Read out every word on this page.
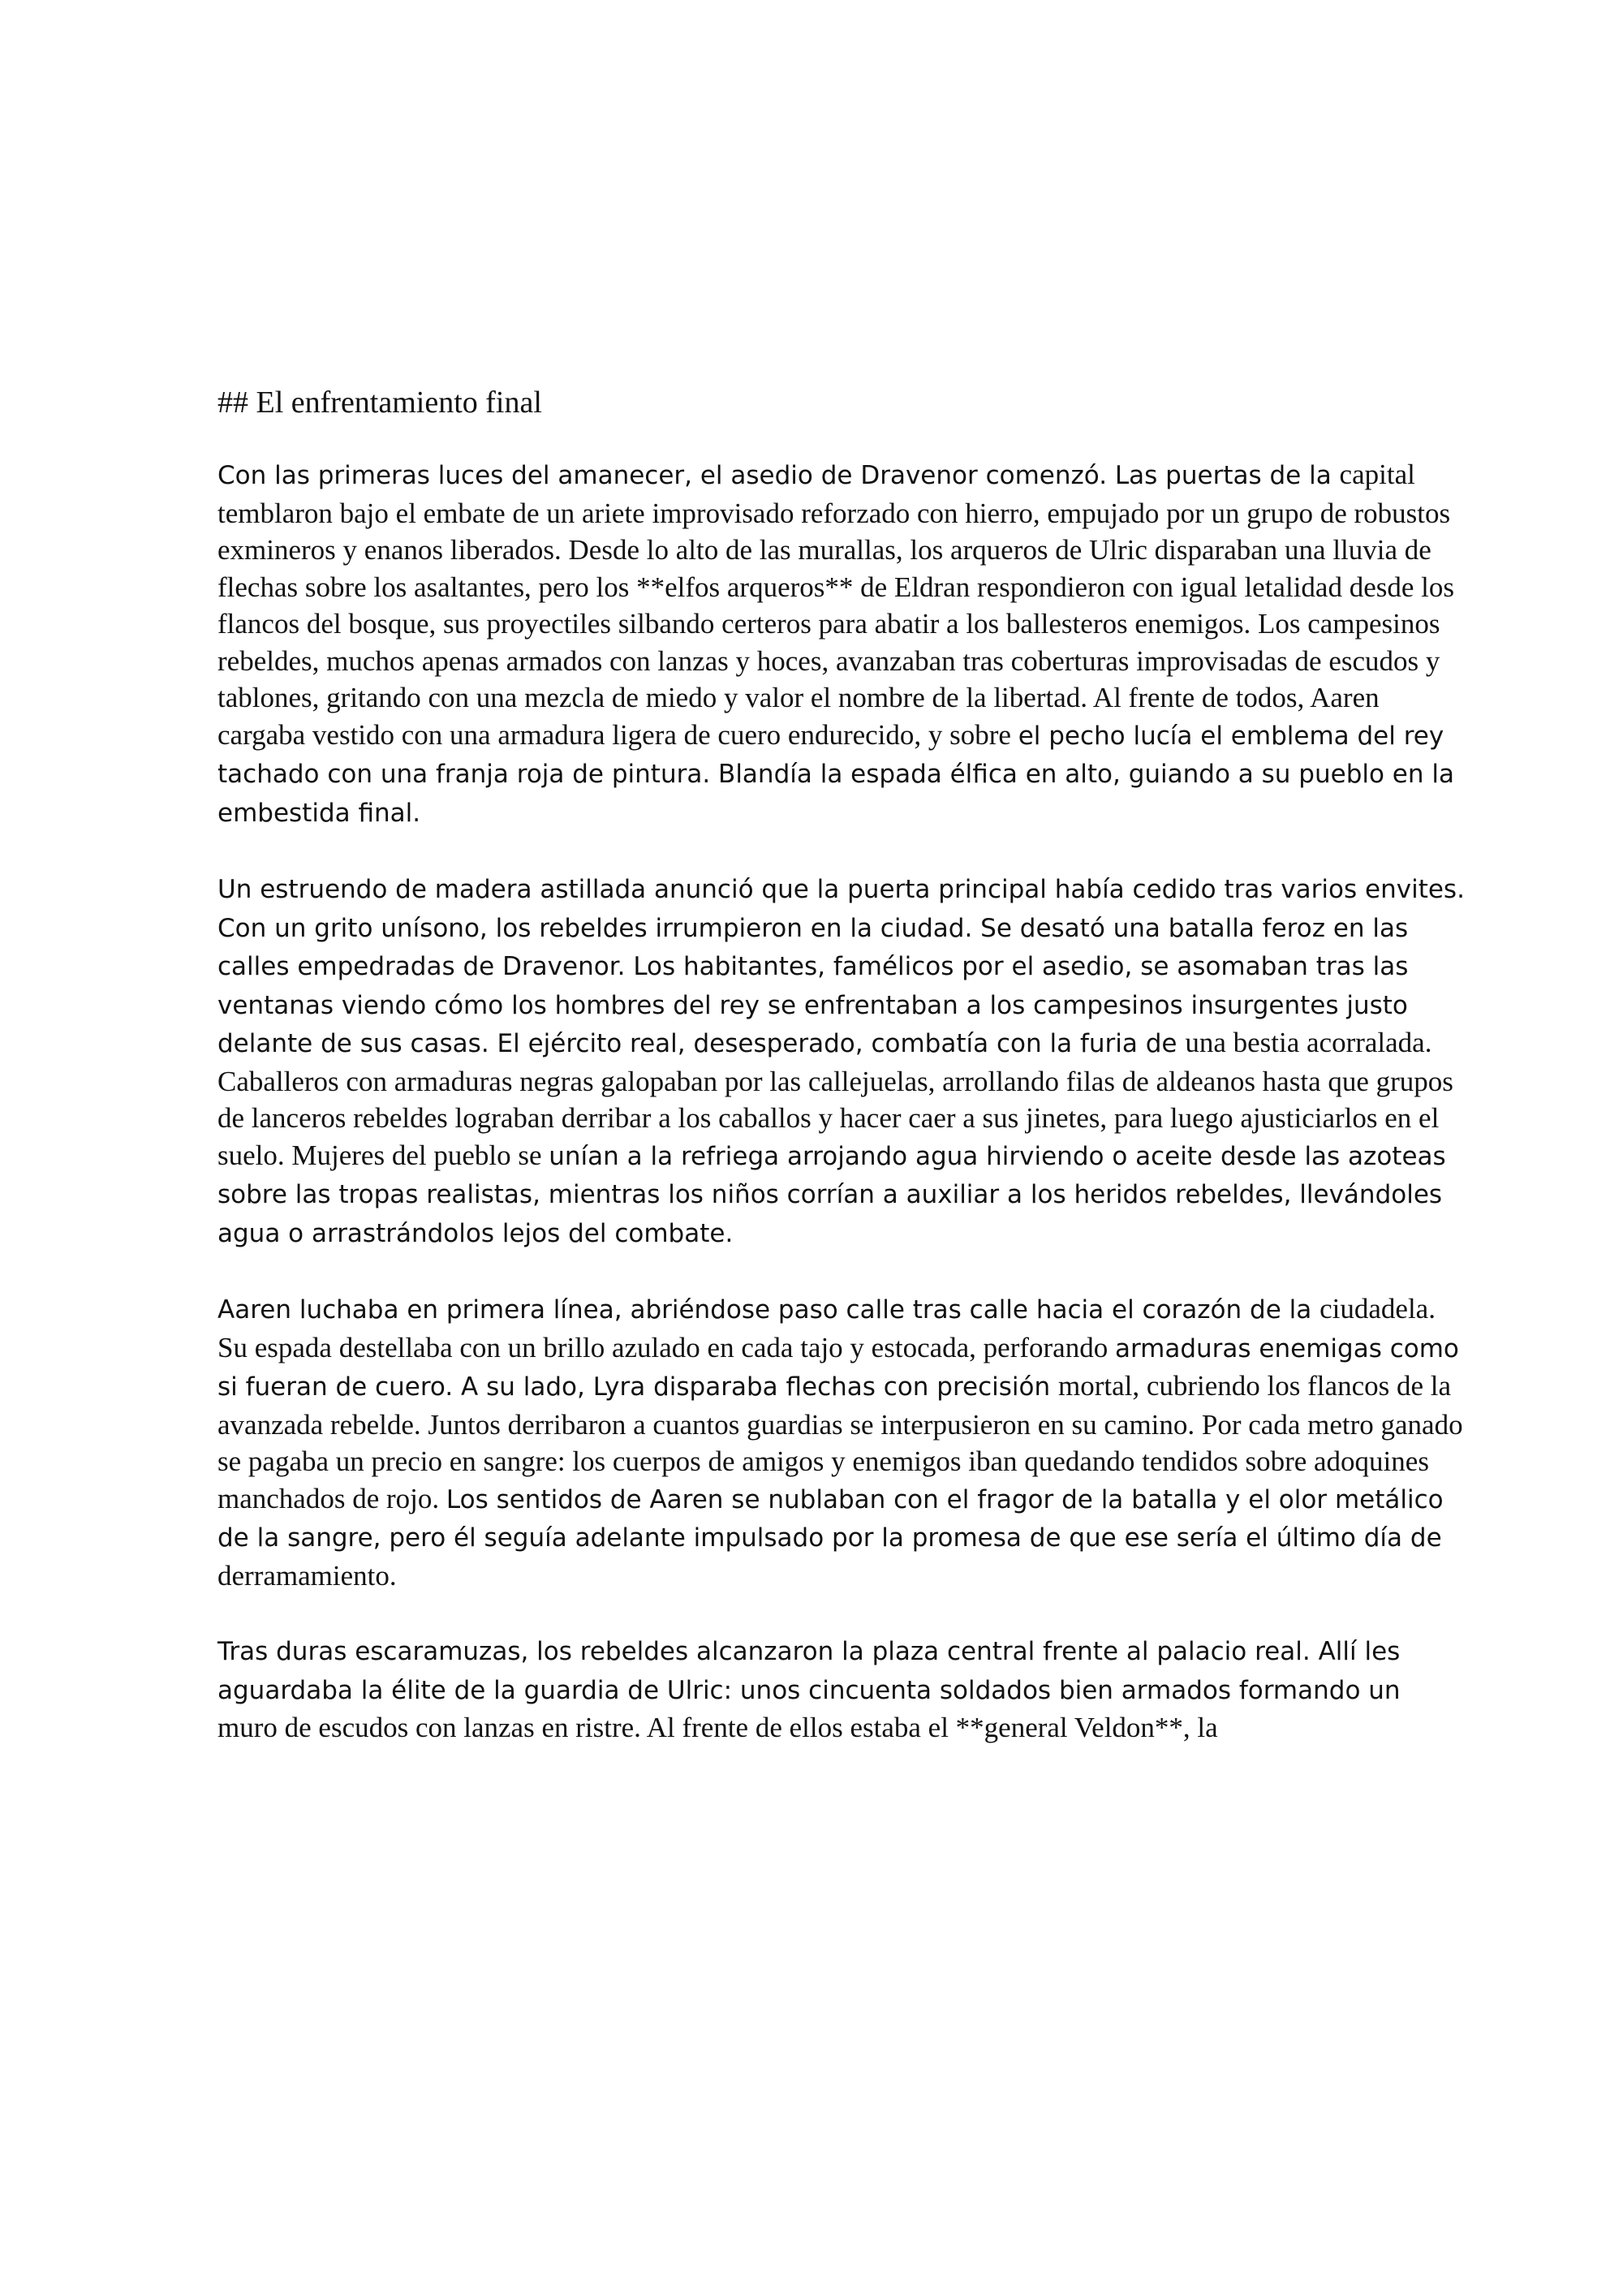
## El enfrentamiento final

Con las primeras luces del amanecer, el asedio de Dravenor comenzó. Las puertas de la capital temblaron bajo el embate de un ariete improvisado reforzado con hierro, empujado por un grupo de robustos exmineros y enanos liberados. Desde lo alto de las murallas, los arqueros de Ulric disparaban una lluvia de flechas sobre los asaltantes, pero los **elfos arqueros** de Eldran respondieron con igual letalidad desde los flancos del bosque, sus proyectiles silbando certeros para abatir a los ballesteros enemigos. Los campesinos rebeldes, muchos apenas armados con lanzas y hoces, avanzaban tras coberturas improvisadas de escudos y tablones, gritando con una mezcla de miedo y valor el nombre de la libertad. Al frente de todos, Aaren cargaba vestido con una armadura ligera de cuero endurecido, y sobre el pecho lucía el emblema del rey tachado con una franja roja de pintura. Blandía la espada élfica en alto, guiando a su pueblo en la embestida final.

Un estruendo de madera astillada anunció que la puerta principal había cedido tras varios envites. Con un grito unísono, los rebeldes irrumpieron en la ciudad. Se desató una batalla feroz en las calles empedradas de Dravenor. Los habitantes, famélicos por el asedio, se asomaban tras las ventanas viendo cómo los hombres del rey se enfrentaban a los campesinos insurgentes justo delante de sus casas. El ejército real, desesperado, combatía con la furia de una bestia acorralada. Caballeros con armaduras negras galopaban por las callejuelas, arrollando filas de aldeanos hasta que grupos de lanceros rebeldes lograban derribar a los caballos y hacer caer a sus jinetes, para luego ajusticiarlos en el suelo. Mujeres del pueblo se unían a la refriega arrojando agua hirviendo o aceite desde las azoteas sobre las tropas realistas, mientras los niños corrían a auxiliar a los heridos rebeldes, llevándoles agua o arrastrándolos lejos del combate.

Aaren luchaba en primera línea, abriéndose paso calle tras calle hacia el corazón de la ciudadela. Su espada destellaba con un brillo azulado en cada tajo y estocada, perforando armaduras enemigas como si fueran de cuero. A su lado, Lyra disparaba flechas con precisión mortal, cubriendo los flancos de la avanzada rebelde. Juntos derribaron a cuantos guardias se interpusieron en su camino. Por cada metro ganado se pagaba un precio en sangre: los cuerpos de amigos y enemigos iban quedando tendidos sobre adoquines manchados de rojo. Los sentidos de Aaren se nublaban con el fragor de la batalla y el olor metálico de la sangre, pero él seguía adelante impulsado por la promesa de que ese sería el último día de derramamiento.

Tras duras escaramuzas, los rebeldes alcanzaron la plaza central frente al palacio real. Allí les aguardaba la élite de la guardia de Ulric: unos cincuenta soldados bien armados formando un muro de escudos con lanzas en ristre. Al frente de ellos estaba el **general Veldon**, la
